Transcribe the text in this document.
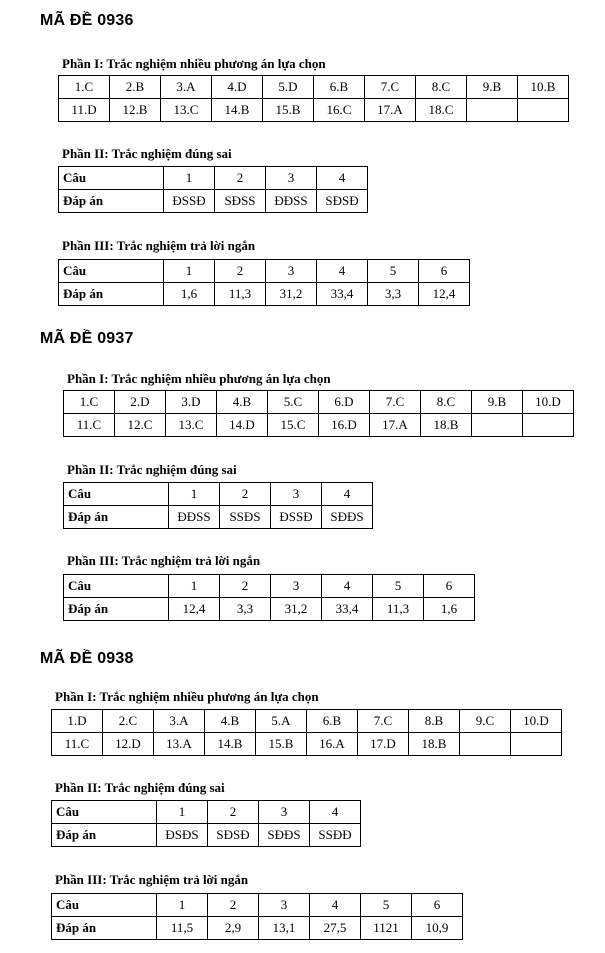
MÃ ĐỀ 0936

Phần I: Trắc nghiệm nhiều phương án lựa chọn

1.C	2.B	3.A	4.D	5.D	6.B	7.C	8.C	9.B	10.B
11.D	12.B	13.C	14.B	15.B	16.C	17.A	18.C		

Phần II: Trắc nghiệm đúng sai

Câu	1	2	3	4
Đáp án	ĐSSĐ	SĐSS	ĐĐSS	SĐSĐ

Phần III: Trắc nghiệm trả lời ngắn

Câu	1	2	3	4	5	6
Đáp án	1,6	11,3	31,2	33,4	3,3	12,4
MÃ ĐỀ 0937

Phần I: Trắc nghiệm nhiều phương án lựa chọn

1.C	2.D	3.D	4.B	5.C	6.D	7.C	8.C	9.B	10.D
11.C	12.C	13.C	14.D	15.C	16.D	17.A	18.B		

Phần II: Trắc nghiệm đúng sai

Câu	1	2	3	4
Đáp án	ĐĐSS	SSĐS	ĐSSĐ	SĐĐS

Phần III: Trắc nghiệm trả lời ngắn

Câu	1	2	3	4	5	6
Đáp án	12,4	3,3	31,2	33,4	11,3	1,6
MÃ ĐỀ 0938

Phần I: Trắc nghiệm nhiều phương án lựa chọn

1.D	2.C	3.A	4.B	5.A	6.B	7.C	8.B	9.C	10.D
11.C	12.D	13.A	14.B	15.B	16.A	17.D	18.B		

Phần II: Trắc nghiệm đúng sai

Câu	1	2	3	4
Đáp án	ĐSĐS	SĐSĐ	SĐĐS	SSĐĐ

Phần III: Trắc nghiệm trả lời ngắn

Câu	1	2	3	4	5	6
Đáp án	11,5	2,9	13,1	27,5	1121	10,9
